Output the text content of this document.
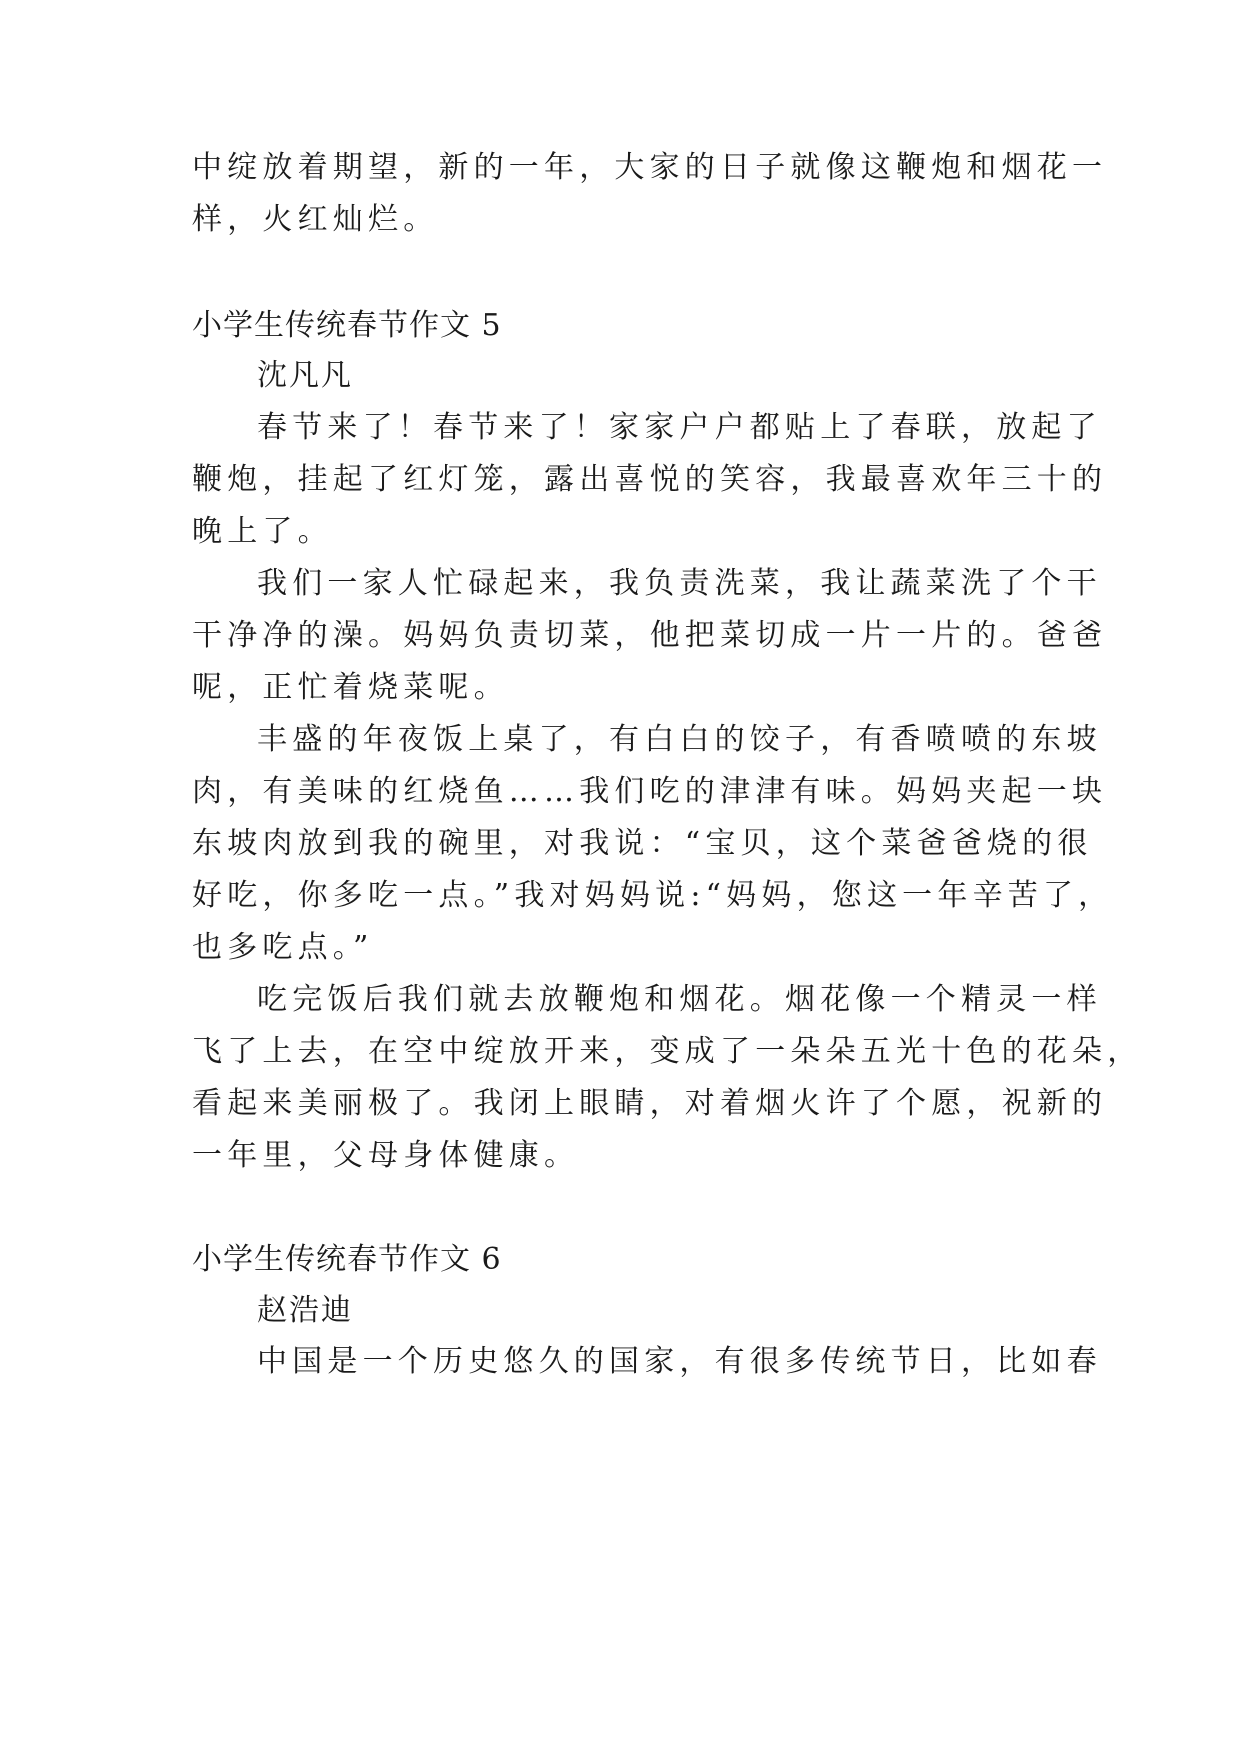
中绽放着期望，新的一年，大家的日子就像这鞭炮和烟花一
样，火红灿烂。
小学生传统春节作文 5
沈凡凡
春节来了！春节来了！家家户户都贴上了春联，放起了
鞭炮，挂起了红灯笼，露出喜悦的笑容，我最喜欢年三十的
晚上了。
我们一家人忙碌起来，我负责洗菜，我让蔬菜洗了个干
干净净的澡。妈妈负责切菜，他把菜切成一片一片的。爸爸
呢，正忙着烧菜呢。
丰盛的年夜饭上桌了，有白白的饺子，有香喷喷的东坡
肉，有美味的红烧鱼……我们吃的津津有味。妈妈夹起一块
东坡肉放到我的碗里，对我说：“宝贝，这个菜爸爸烧的很
好吃，你多吃一点。”我对妈妈说:“妈妈，您这一年辛苦了，
也多吃点。”
吃完饭后我们就去放鞭炮和烟花。烟花像一个精灵一样
飞了上去，在空中绽放开来，变成了一朵朵五光十色的花朵，
看起来美丽极了。我闭上眼睛，对着烟火许了个愿，祝新的
一年里，父母身体健康。
小学生传统春节作文 6
赵浩迪
中国是一个历史悠久的国家，有很多传统节日，比如春
